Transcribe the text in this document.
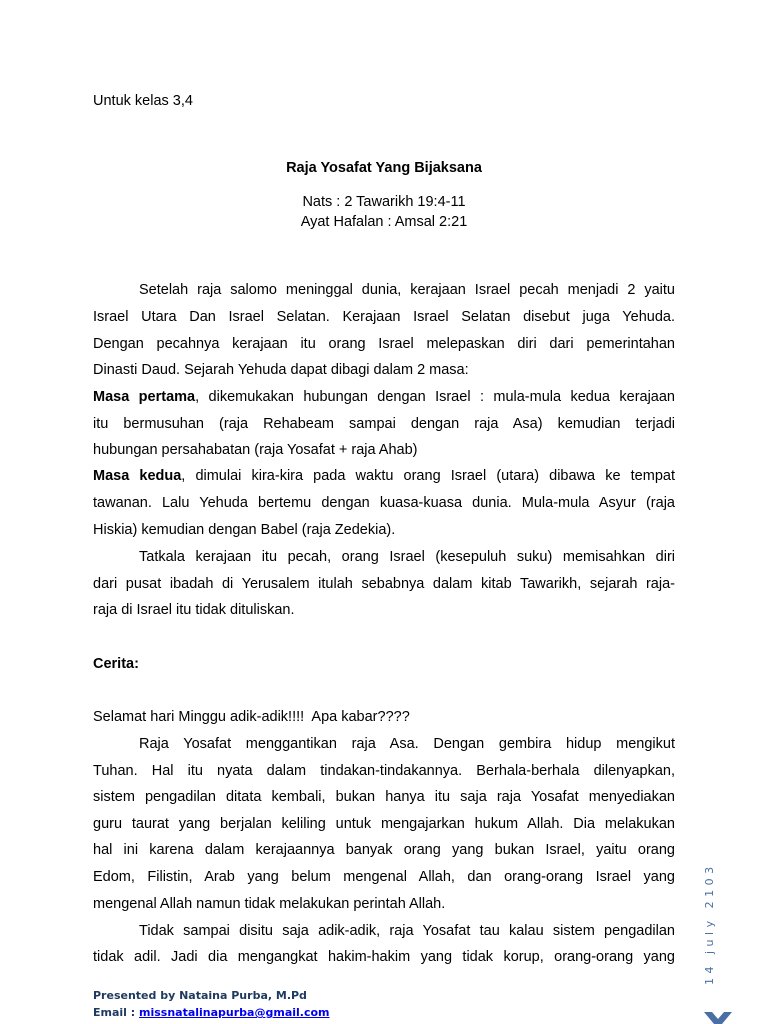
Untuk kelas 3,4
Raja Yosafat Yang Bijaksana
Nats : 2 Tawarikh 19:4-11
Ayat Hafalan : Amsal 2:21
Setelah raja salomo meninggal dunia, kerajaan Israel pecah menjadi 2 yaitu
Israel Utara Dan Israel Selatan. Kerajaan Israel Selatan disebut juga Yehuda.
Dengan pecahnya kerajaan itu orang Israel melepaskan diri dari pemerintahan
Dinasti Daud. Sejarah Yehuda dapat dibagi dalam 2 masa:
Masa pertama, dikemukakan hubungan dengan Israel : mula-mula kedua kerajaan
itu bermusuhan (raja Rehabeam sampai dengan raja Asa) kemudian terjadi
hubungan persahabatan (raja Yosafat + raja Ahab)
Masa kedua, dimulai kira-kira pada waktu orang Israel (utara) dibawa ke tempat
tawanan. Lalu Yehuda bertemu dengan kuasa-kuasa dunia. Mula-mula Asyur (raja
Hiskia) kemudian dengan Babel (raja Zedekia).
Tatkala kerajaan itu pecah, orang Israel (kesepuluh suku) memisahkan diri
dari pusat ibadah di Yerusalem itulah sebabnya dalam kitab Tawarikh, sejarah raja-
raja di Israel itu tidak dituliskan.
Cerita:
Selamat hari Minggu adik-adik!!!!  Apa kabar????
Raja Yosafat menggantikan raja Asa. Dengan gembira hidup mengikut
Tuhan. Hal itu nyata dalam tindakan-tindakannya. Berhala-berhala dilenyapkan,
sistem pengadilan ditata kembali, bukan hanya itu saja raja Yosafat menyediakan
guru taurat yang berjalan keliling untuk mengajarkan hukum Allah. Dia melakukan
hal ini karena dalam kerajaannya banyak orang yang bukan Israel, yaitu orang
Edom, Filistin, Arab yang belum mengenal Allah, dan orang-orang Israel yang
mengenal Allah namun tidak melakukan perintah Allah.
Tidak sampai disitu saja adik-adik, raja Yosafat tau kalau sistem pengadilan
tidak adil. Jadi dia mengangkat hakim-hakim yang tidak korup, orang-orang yang
Presented by Nataina Purba, M.Pd
Email : missnatalinapurba@gmail.com
14 july 2103
